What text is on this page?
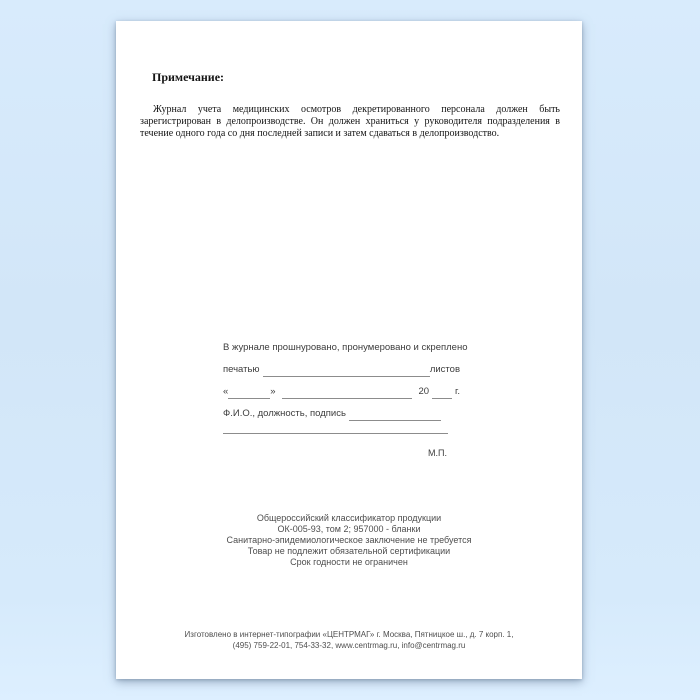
Примечание:
Журнал учета медицинских осмотров декретированного персонала должен быть зарегистрирован в делопроизводстве. Он должен храниться у руководителя подразделения в течение одного года со дня последней записи и затем сдаваться в делопроизводство.
В журнале прошнуровано, пронумеровано и скреплено
печатью	листов
«	»	20	г.
Ф.И.О., должность, подпись
М.П.
Общероссийский классификатор продукции
ОК-005-93, том 2; 957000 - бланки
Санитарно-эпидемиологическое заключение не требуется
Товар не подлежит обязательной сертификации
Срок годности не ограничен
Изготовлено в интернет-типографии «ЦЕНТРМАГ» г. Москва, Пятницкое ш., д. 7 корп. 1,
(495) 759-22-01, 754-33-32, www.centrmag.ru, info@centrmag.ru
